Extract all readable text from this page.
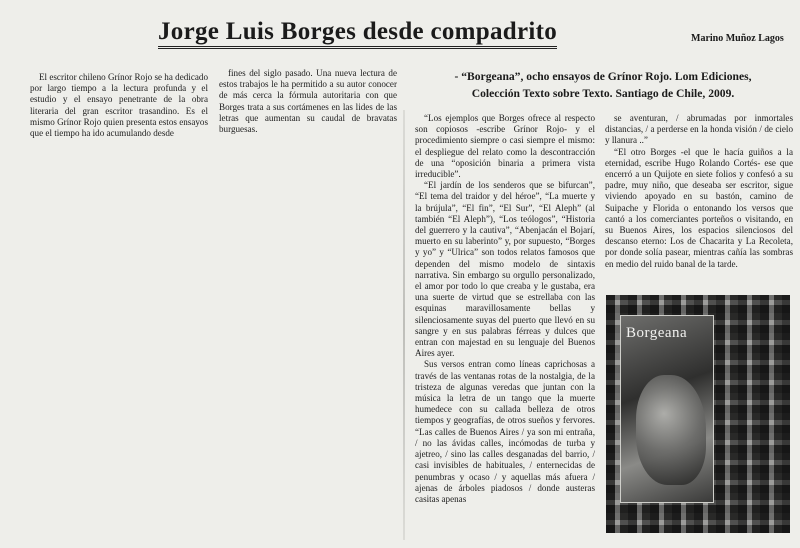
Jorge Luis Borges desde compadrito	Marino Muñoz Lagos

El escritor chileno Grínor Rojo se ha dedicado por largo tiempo a la lectura profunda y el estudio y el ensayo penetrante de la obra literaria del gran escritor trasandino. Es el mismo Grínor Rojo quien presenta estos ensayos que el tiempo ha ido acumulando desde

fines del siglo pasado. Una nueva lectura de estos trabajos le ha permitido a su autor conocer de más cerca la fórmula autoritaria con que Borges trata a sus cortámenes en las lides de las letras que aumentan su caudal de bravatas burguesas.

- “Borgeana”, ocho ensayos de Grínor Rojo. Lom Ediciones,
Colección Texto sobre Texto. Santiago de Chile, 2009.

“Los ejemplos que Borges ofrece al respecto son copiosos -escribe Grínor Rojo- y el procedimiento siempre o casi siempre el mismo: el despliegue del relato como la descontracción de una “oposición binaria a primera vista irreducible”.

“El jardín de los senderos que se bifurcan”, “El tema del traidor y del héroe”, “La muerte y la brújula”, “El fin”, “El Sur”, “El Aleph” (al también “El Aleph”), “Los teólogos”, “Historia del guerrero y la cautiva”, “Abenjacán el Bojarí, muerto en su laberinto” y, por supuesto, “Borges y yo” y “Ulrica” son todos relatos famosos que dependen del mismo modelo de sintaxis narrativa. Sin embargo su orgullo personalizado, el amor por todo lo que creaba y le gustaba, era una suerte de virtud que se estrellaba con las esquinas maravillosamente bellas y silenciosamente suyas del puerto que llevó en su sangre y en sus palabras férreas y dulces que entran con majestad en su lenguaje del Buenos Aires ayer.

Sus versos entran como líneas caprichosas a través de las ventanas rotas de la nostalgia, de la tristeza de algunas veredas que juntan con la música la letra de un tango que la muerte humedece con su callada belleza de otros tiempos y geografías, de otros sueños y fervores. “Las calles de Buenos Aires / ya son mi entraña, / no las ávidas calles, incómodas de turba y ajetreo, / sino las calles desganadas del barrio, / casi invisibles de habituales, / enternecidas de penumbras y ocaso / y aquellas más afuera / ajenas de árboles piadosos / donde austeras casitas apenas

se aventuran, / abrumadas por inmortales distancias, / a perderse en la honda visión / de cielo y llanura ..”

“El otro Borges -el que le hacía guiños a la eternidad, escribe Hugo Rolando Cortés- ese que encerró a un Quijote en siete folios y confesó a su padre, muy niño, que deseaba ser escritor, sigue viviendo apoyado en su bastón, camino de Suipache y Florida o entonando los versos que cantó a los comerciantes porteños o visitando, en su Buenos Aires, los espacios silenciosos del descanso eterno: Los de Chacarita y La Recoleta, por donde solía pasear, mientras cañía las sombras en medio del ruido banal de la tarde.

Borgeana
